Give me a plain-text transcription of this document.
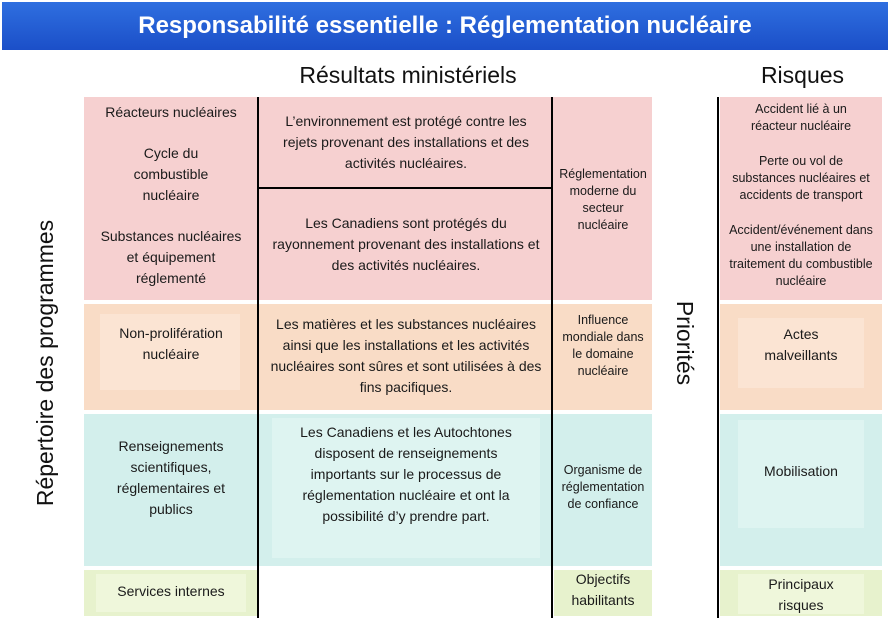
Responsabilité essentielle : Réglementation nucléaire
Résultats ministériels	Risques
Répertoire des programmes	Priorités
Réacteurs nucléaires
Cycle du combustible nucléaire
Substances nucléaires et équipement réglementé
L’environnement est protégé contre les rejets provenant des installations et des activités nucléaires.
Les Canadiens sont protégés du rayonnement provenant des installations et des activités nucléaires.
Réglementation moderne du secteur nucléaire
Accident lié à un réacteur nucléaire
Perte ou vol de substances nucléaires et accidents de transport
Accident/événement dans une installation de traitement du combustible nucléaire
Non-prolifération nucléaire
Les matières et les substances nucléaires ainsi que les installations et les activités nucléaires sont sûres et sont utilisées à des fins pacifiques.
Influence mondiale dans le domaine nucléaire
Actes malveillants
Renseignements scientifiques, réglementaires et publics
Les Canadiens et les Autochtones disposent de renseignements importants sur le processus de réglementation nucléaire et ont la possibilité d’y prendre part.
Organisme de réglementation de confiance
Mobilisation
Services internes
Objectifs habilitants
Principaux risques
